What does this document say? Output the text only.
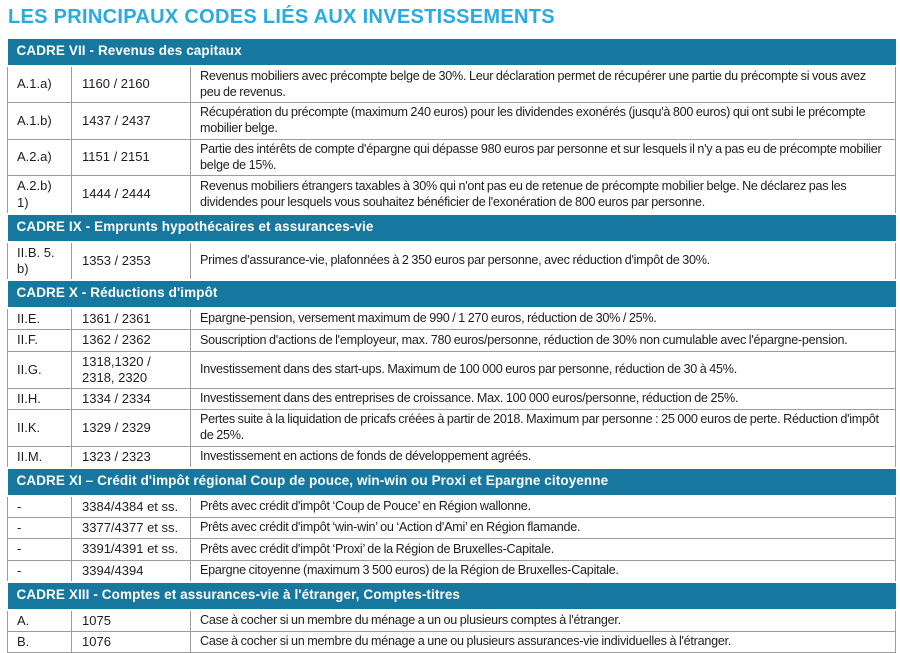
LES PRINCIPAUX CODES LIÉS AUX INVESTISSEMENTS
CADRE VII - Revenus des capitaux		
A.1.a)	1160 / 2160	Revenus mobiliers avec précompte belge de 30%. Leur déclaration permet de récupérer une partie du précompte si vous avez peu de revenus.
A.1.b)	1437 / 2437	Récupération du précompte (maximum 240 euros) pour les dividendes exonérés (jusqu'à 800 euros) qui ont subi le précompte mobilier belge.
A.2.a)	1151 / 2151	Partie des intérêts de compte d'épargne qui dépasse 980 euros par personne et sur lesquels il n'y a pas eu de précompte mobilier belge de 15%.
A.2.b) 1)	1444 / 2444	Revenus mobiliers étrangers taxables à 30% qui n'ont pas eu de retenue de précompte mobilier belge. Ne déclarez pas les dividendes pour lesquels vous souhaitez bénéficier de l'exonération de 800 euros par personne.
CADRE IX - Emprunts hypothécaires et assurances-vie		
II.B. 5. b)	1353 / 2353	Primes d'assurance-vie, plafonnées à 2 350 euros par personne, avec réduction d'impôt de 30%.
CADRE X - Réductions d'impôt		
II.E.	1361 / 2361	Epargne-pension, versement maximum de 990 / 1 270 euros, réduction de 30% / 25%.
II.F.	1362 / 2362	Souscription d'actions de l'employeur, max. 780 euros/personne, réduction de 30% non cumulable avec l'épargne-pension.
II.G.	1318,1320 / 2318, 2320	Investissement dans des start-ups. Maximum de 100 000 euros par personne, réduction de 30 à 45%.
II.H.	1334 / 2334	Investissement dans des entreprises de croissance. Max. 100 000 euros/personne, réduction de 25%.
II.K.	1329 / 2329	Pertes suite à la liquidation de pricafs créées à partir de 2018. Maximum par personne : 25 000 euros de perte. Réduction d'impôt de 25%.
II.M.	1323 / 2323	Investissement en actions de fonds de développement agréés.
CADRE XI – Crédit d'impôt régional Coup de pouce, win-win ou Proxi et Epargne citoyenne		
-	3384/4384 et ss.	Prêts avec crédit d'impôt ‘Coup de Pouce’ en Région wallonne.
-	3377/4377 et ss.	Prêts avec crédit d'impôt ‘win-win’ ou ‘Action d'Ami’ en Région flamande.
-	3391/4391 et ss.	Prêts avec crédit d'impôt ‘Proxi’ de la Région de Bruxelles-Capitale.
-	3394/4394	Epargne citoyenne (maximum 3 500 euros) de la Région de Bruxelles-Capitale.
CADRE XIII - Comptes et assurances-vie à l'étranger, Comptes-titres		
A.	1075	Case à cocher si un membre du ménage a un ou plusieurs comptes à l'étranger.
B.	1076	Case à cocher si un membre du ménage a une ou plusieurs assurances-vie individuelles à l'étranger.
